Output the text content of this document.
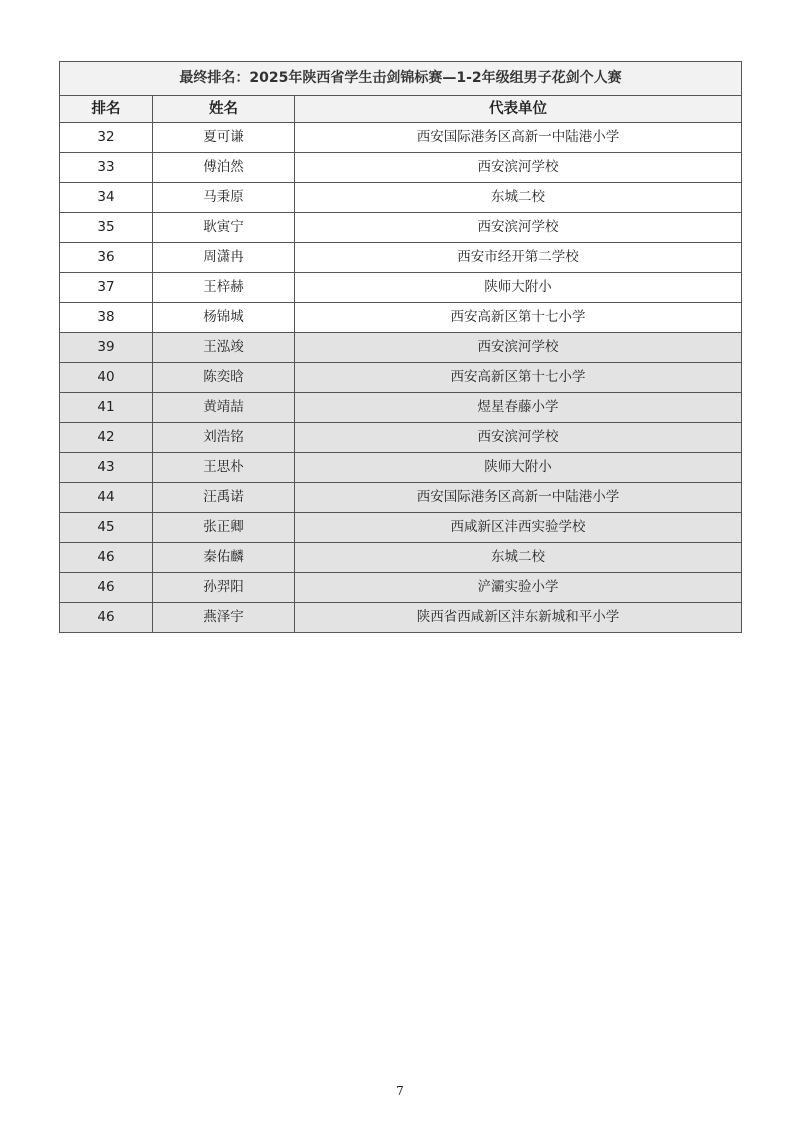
最终排名：2025年陕西省学生击剑锦标赛—1-2年级组男子花剑个人赛		
排名	姓名	代表单位
32	夏可谦	西安国际港务区高新一中陆港小学
33	傅泊然	西安滨河学校
34	马秉原	东城二校
35	耿寅宁	西安滨河学校
36	周潇冉	西安市经开第二学校
37	王梓赫	陕师大附小
38	杨锦城	西安高新区第十七小学
39	王泓竣	西安滨河学校
40	陈奕晗	西安高新区第十七小学
41	黄靖喆	煜星春藤小学
42	刘浩铭	西安滨河学校
43	王思朴	陕师大附小
44	汪禹诺	西安国际港务区高新一中陆港小学
45	张正卿	西咸新区沣西实验学校
46	秦佑麟	东城二校
46	孙羿阳	浐灞实验小学
46	燕泽宇	陕西省西咸新区沣东新城和平小学
7
